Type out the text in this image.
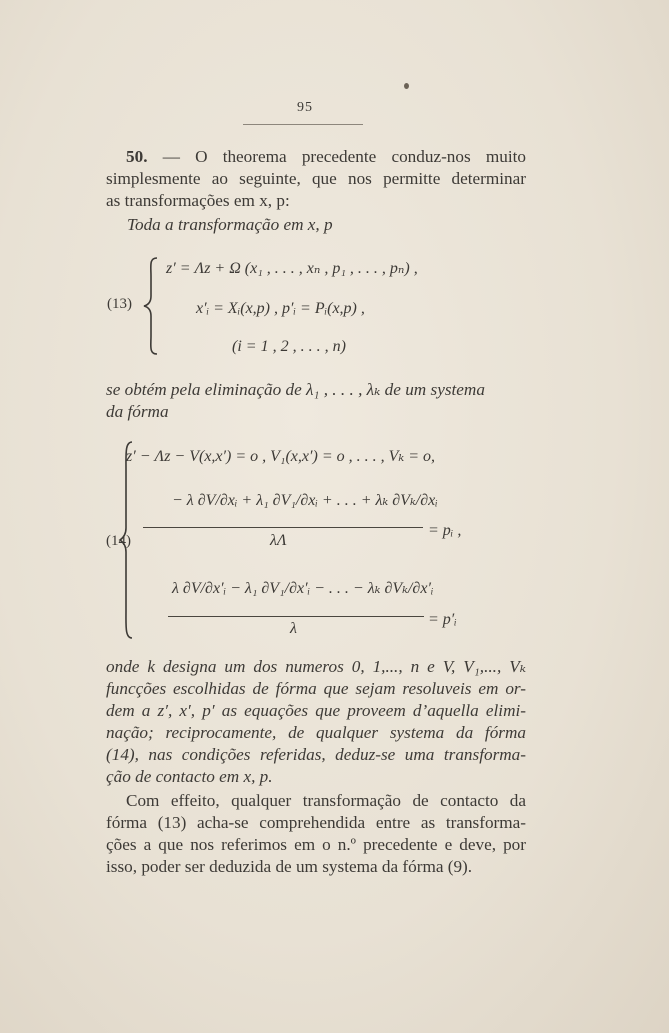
95
50. — O theorema precedente conduz-nos muito
simplesmente ao seguinte, que nos permitte determinar
as transformações em x, p:
Toda a transformação em x, p
(13)
z′ = Λz + Ω (x₁ , . . . , xₙ , p₁ , . . . , pₙ) ,
x′ᵢ = Xᵢ(x,p) , p′ᵢ = Pᵢ(x,p) ,
(i = 1 , 2 , . . . , n)
se obtém pela eliminação de λ₁ , . . . , λₖ de um systema
da fórma
(14)
z′ − Λz − V(x,x′) = o , V₁(x,x′) = o , . . . , Vₖ = o,
− λ ∂V/∂xᵢ + λ₁ ∂V₁/∂xᵢ + . . . + λₖ ∂Vₖ/∂xᵢ
λΛ
= pᵢ ,
λ ∂V/∂x′ᵢ − λ₁ ∂V₁/∂x′ᵢ − . . . − λₖ ∂Vₖ/∂x′ᵢ
λ
= p′ᵢ
onde k designa um dos numeros 0, 1,..., n e V, V₁,..., Vₖ
funcções escolhidas de fórma que sejam resoluveis em or-
dem a z′, x′, p′ as equações que proveem d’aquella elimi-
nação; reciprocamente, de qualquer systema da fórma
(14), nas condições referidas, deduz-se uma transforma-
ção de contacto em x, p.
Com effeito, qualquer transformação de contacto da
fórma (13) acha-se comprehendida entre as transforma-
ções a que nos referimos em o n.º precedente e deve, por
isso, poder ser deduzida de um systema da fórma (9).
